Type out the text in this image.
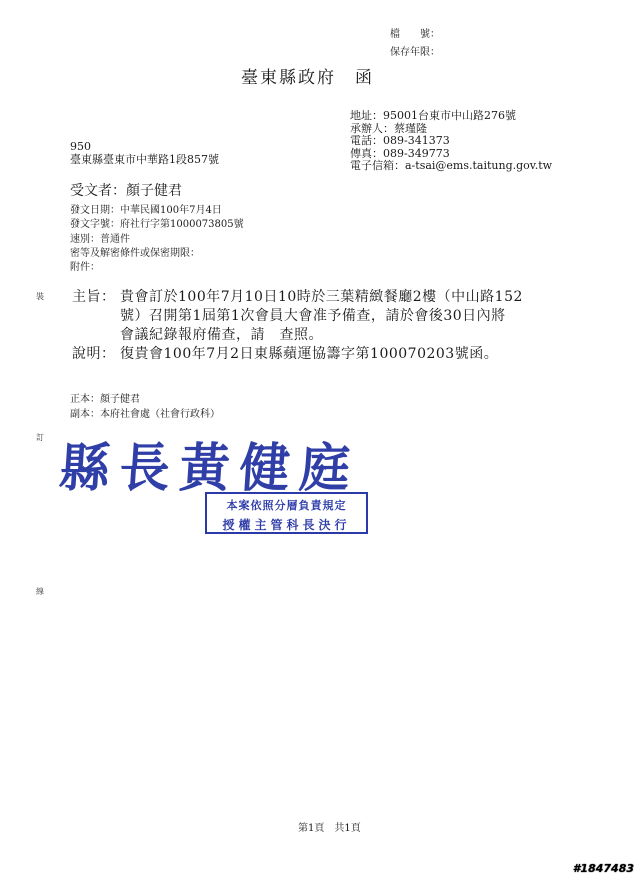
檔　　號：
保存年限：
臺東縣政府　函
地址：95001台東市中山路276號
承辦人：蔡瑾隆
電話：089-341373
傳真：089-349773
電子信箱：a-tsai@ems.taitung.gov.tw
950
臺東縣臺東市中華路1段857號
受文者：顏子健君
發文日期：中華民國100年7月4日
發文字號：府社行字第1000073805號
速別：普通件
密等及解密條件或保密期限：
附件：
裝
訂
線
主旨： 貴會訂於100年7月10日10時於三葉精緻餐廳2樓（中山路152
號）召開第1屆第1次會員大會准予備查，請於會後30日內將
會議紀錄報府備查，請　查照。
說明： 復貴會100年7月2日東縣蘋運協籌字第100070203號函。
正本：顏子健君
副本：本府社會處（社會行政科）
縣長黃健庭
本案依照分層負責規定
授權主管科長決行
第1頁　共1頁
#1847483
